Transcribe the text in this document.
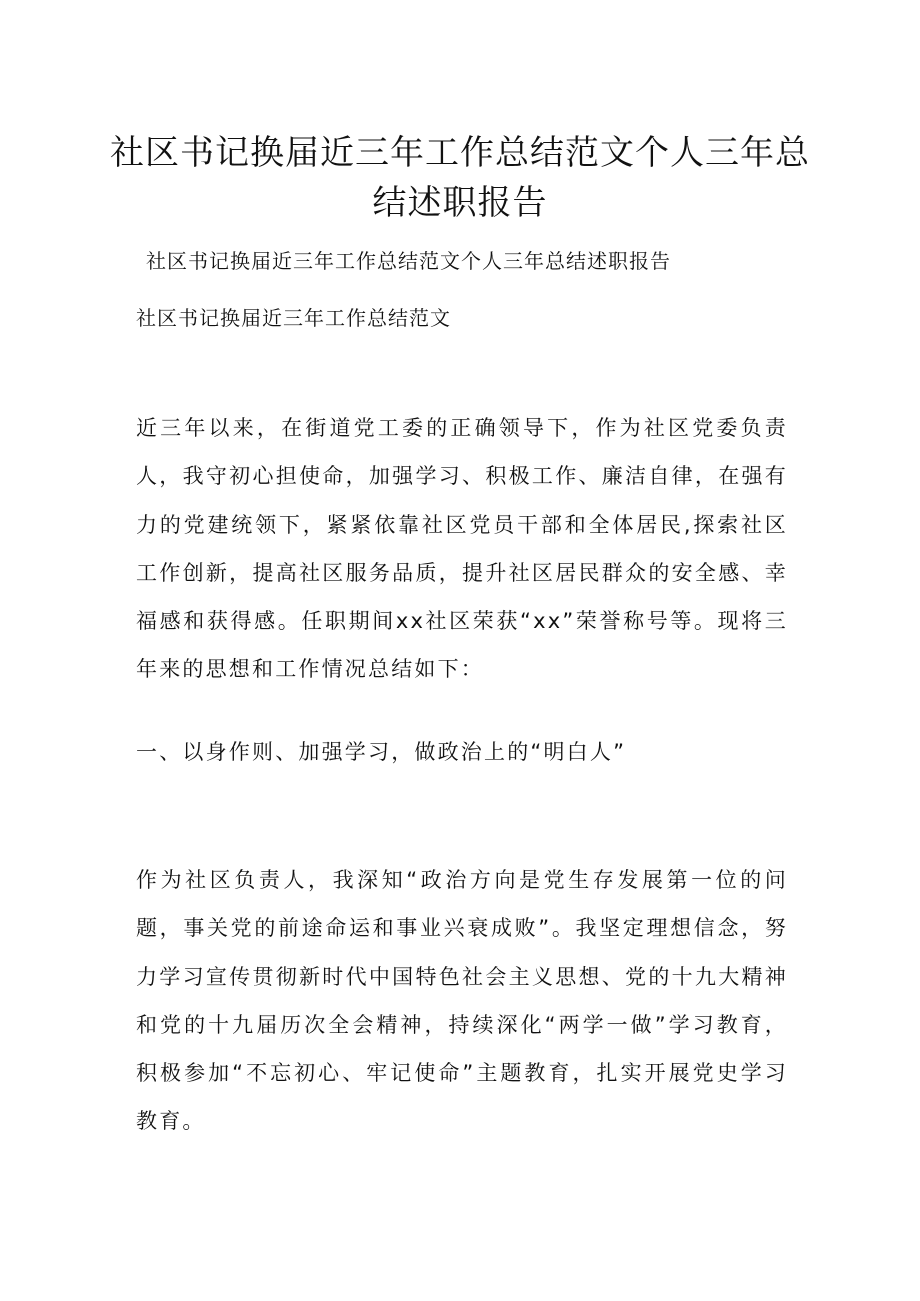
社区书记换届近三年工作总结范文个人三年总结述职报告

社区书记换届近三年工作总结范文个人三年总结述职报告

社区书记换届近三年工作总结范文

近三年以来，在街道党工委的正确领导下，作为社区党委负责人，我守初心担使命，加强学习、积极工作、廉洁自律，在强有力的党建统领下，紧紧依靠社区党员干部和全体居民,探索社区工作创新，提高社区服务品质，提升社区居民群众的安全感、幸福感和获得感。任职期间xx社区荣获“xx”荣誉称号等。现将三年来的思想和工作情况总结如下：

一、以身作则、加强学习，做政治上的“明白人”

作为社区负责人，我深知“政治方向是党生存发展第一位的问题，事关党的前途命运和事业兴衰成败”。我坚定理想信念，努力学习宣传贯彻新时代中国特色社会主义思想、党的十九大精神和党的十九届历次全会精神，持续深化“两学一做”学习教育，积极参加“不忘初心、牢记使命”主题教育，扎实开展党史学习教育。
